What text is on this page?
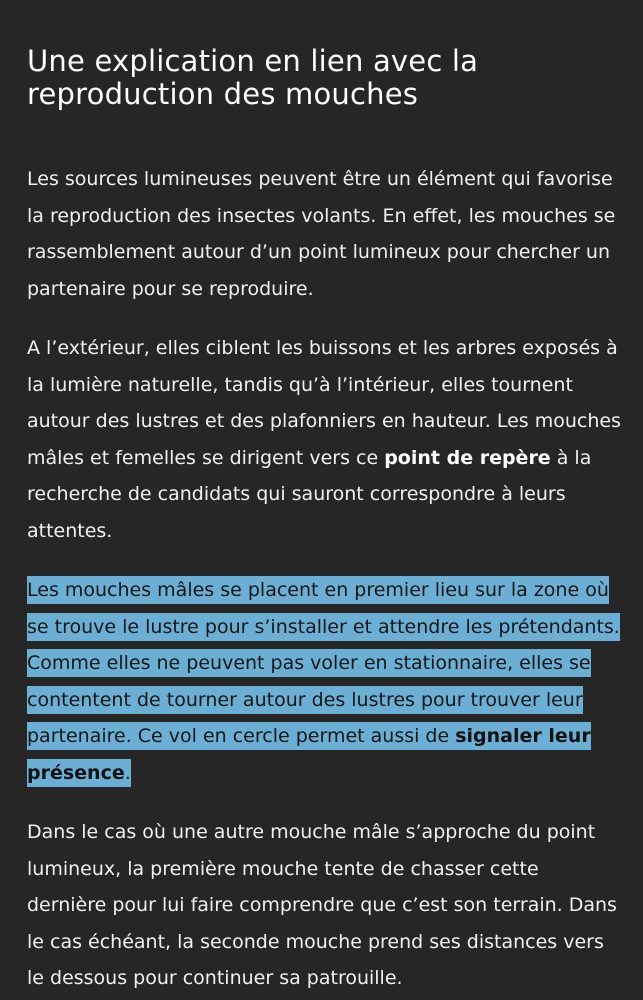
Une explication en lien avec la reproduction des mouches

Les sources lumineuses peuvent être un élément qui favorise la reproduction des insectes volants. En effet, les mouches se rassemblement autour d’un point lumineux pour chercher un partenaire pour se reproduire.

A l’extérieur, elles ciblent les buissons et les arbres exposés à la lumière naturelle, tandis qu’à l’intérieur, elles tournent autour des lustres et des plafonniers en hauteur. Les mouches mâles et femelles se dirigent vers ce point de repère à la recherche de candidats qui sauront correspondre à leurs attentes.

Les mouches mâles se placent en premier lieu sur la zone où se trouve le lustre pour s’installer et attendre les prétendants. Comme elles ne peuvent pas voler en stationnaire, elles se contentent de tourner autour des lustres pour trouver leur partenaire. Ce vol en cercle permet aussi de signaler leur présence.

Dans le cas où une autre mouche mâle s’approche du point lumineux, la première mouche tente de chasser cette dernière pour lui faire comprendre que c’est son terrain. Dans le cas échéant, la seconde mouche prend ses distances vers le dessous pour continuer sa patrouille.
